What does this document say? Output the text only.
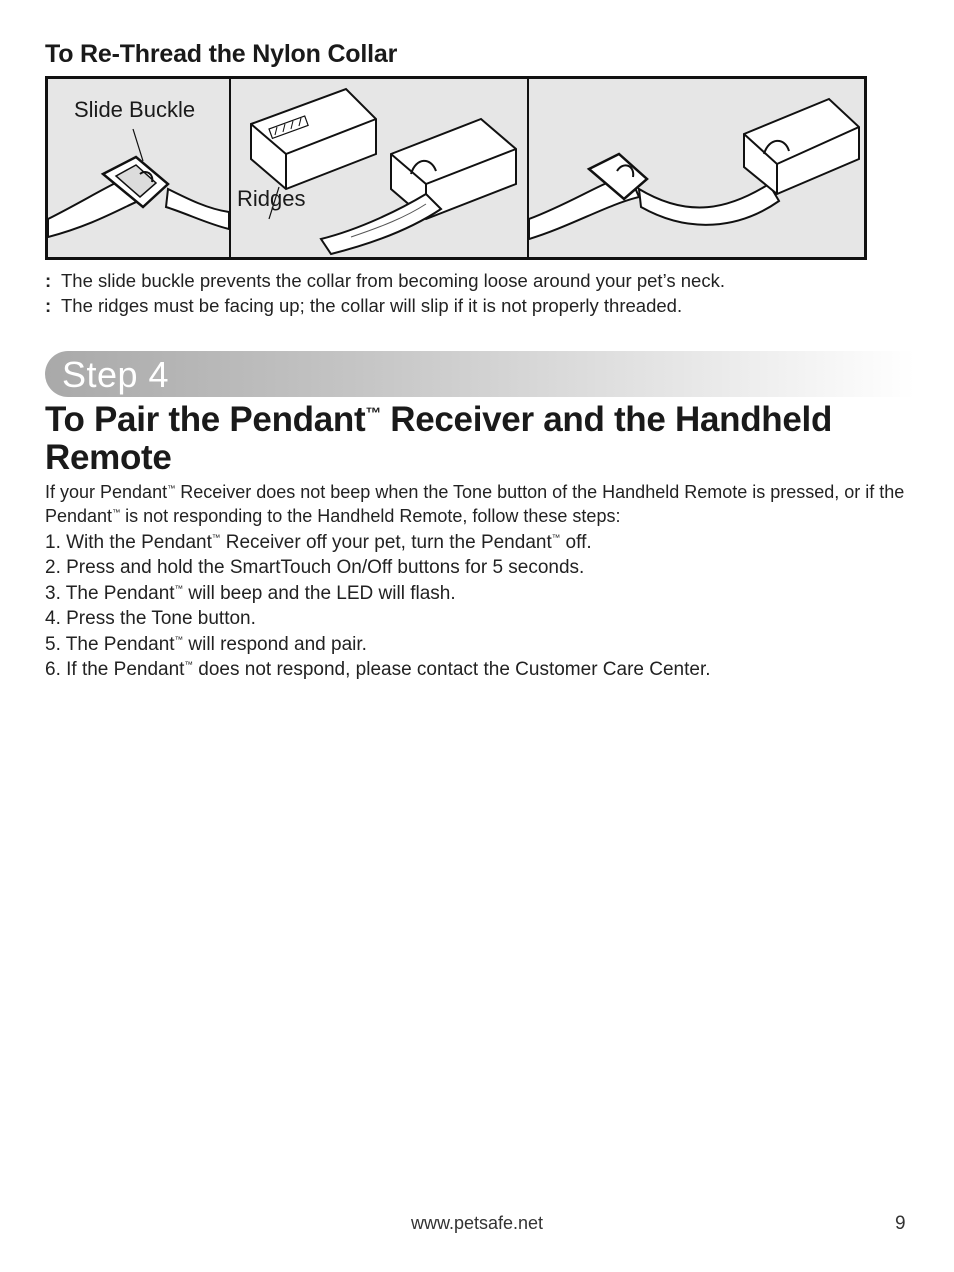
To Re-Thread the Nylon Collar
Slide Buckle
Ridges
: The slide buckle prevents the collar from becoming loose around your pet’s neck.
: The ridges must be facing up; the collar will slip if it is not properly threaded.
Step 4
To Pair the Pendant™ Receiver and the Handheld Remote
If your Pendant™ Receiver does not beep when the Tone button of the Handheld Remote is pressed, or if the Pendant™ is not responding to the Handheld Remote, follow these steps:
1. With the Pendant™ Receiver off your pet, turn the Pendant™ off.
2. Press and hold the SmartTouch On/Off buttons for 5 seconds.
3. The Pendant™ will beep and the LED will flash.
4. Press the Tone button.
5. The Pendant™ will respond and pair.
6. If the Pendant™ does not respond, please contact the Customer Care Center.
www.petsafe.net	9
